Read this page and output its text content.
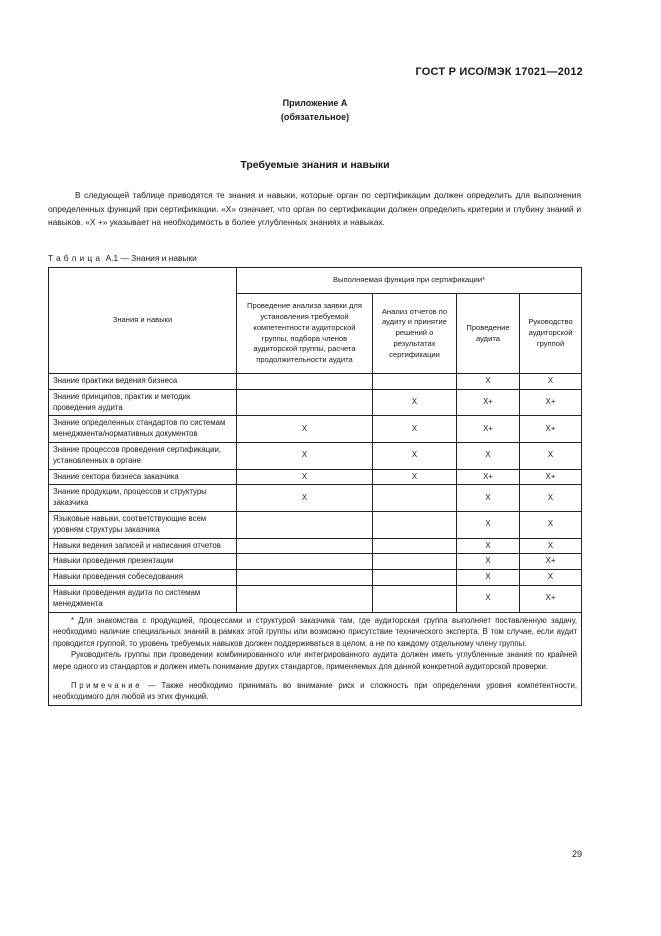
ГОСТ Р ИСО/МЭК 17021—2012
Приложение А
(обязательное)
Требуемые знания и навыки

В следующей таблице приводятся те знания и навыки, которые орган по сертификации должен определить для выполнения определенных функций при сертификации. «X» означает, что орган по сертификации должен определить критерии и глубину знаний и навыков. «X +» указывает на необходимость в более углубленных знаниях и навыках.

Таблица А.1 — Знания и навыки
Знания и навыки	Выполняемая функция при сертификации*			
	Проведение анализа заявки для установления требуемой компетентности аудиторской группы, подбора членов аудиторской группы, расчета продолжительности аудита	Анализ отчетов по аудиту и принятие решений о результатах сертификации	Проведение аудита	Руководство аудиторской группой
Знание практики ведения бизнеса			X	X
Знание принципов, практик и методик проведения аудита		X	X+	X+
Знание определенных стандартов по системам менеджмента/нормативных документов	X	X	X+	X+
Знание процессов проведения сертификации, установленных в органе	X	X	X	X
Знание сектора бизнеса заказчика	X	X	X+	X+
Знание продукции, процессов и структуры заказчика	X		X	X
Языковые навыки, соответствующие всем уровням структуры заказчика			X	X
Навыки ведения записей и написания отчетов			X	X
Навыки проведения презентации			X	X+
Навыки проведения собеседования			X	X
Навыки проведения аудита по системам менеджмента			X	X+

* Для знакомства с продукцией, процессами и структурой заказчика там, где аудиторская группа выполняет поставленную задачу, необходимо наличие специальных знаний в рамках этой группы или возможно присутствие технического эксперта. В том случае, если аудит проводится группой, то уровень требуемых навыков должен поддерживаться в целом, а не по каждому отдельному члену группы.

Руководитель группы при проведении комбинированного или интегрированного аудита должен иметь углубленные знания по крайней мере одного из стандартов и должен иметь понимание других стандартов, применяемых для данной конкретной аудиторской проверки.

Примечание — Также необходимо принимать во внимание риск и сложность при определении уровня компетентности, необходимого для любой из этих функций.				

29
